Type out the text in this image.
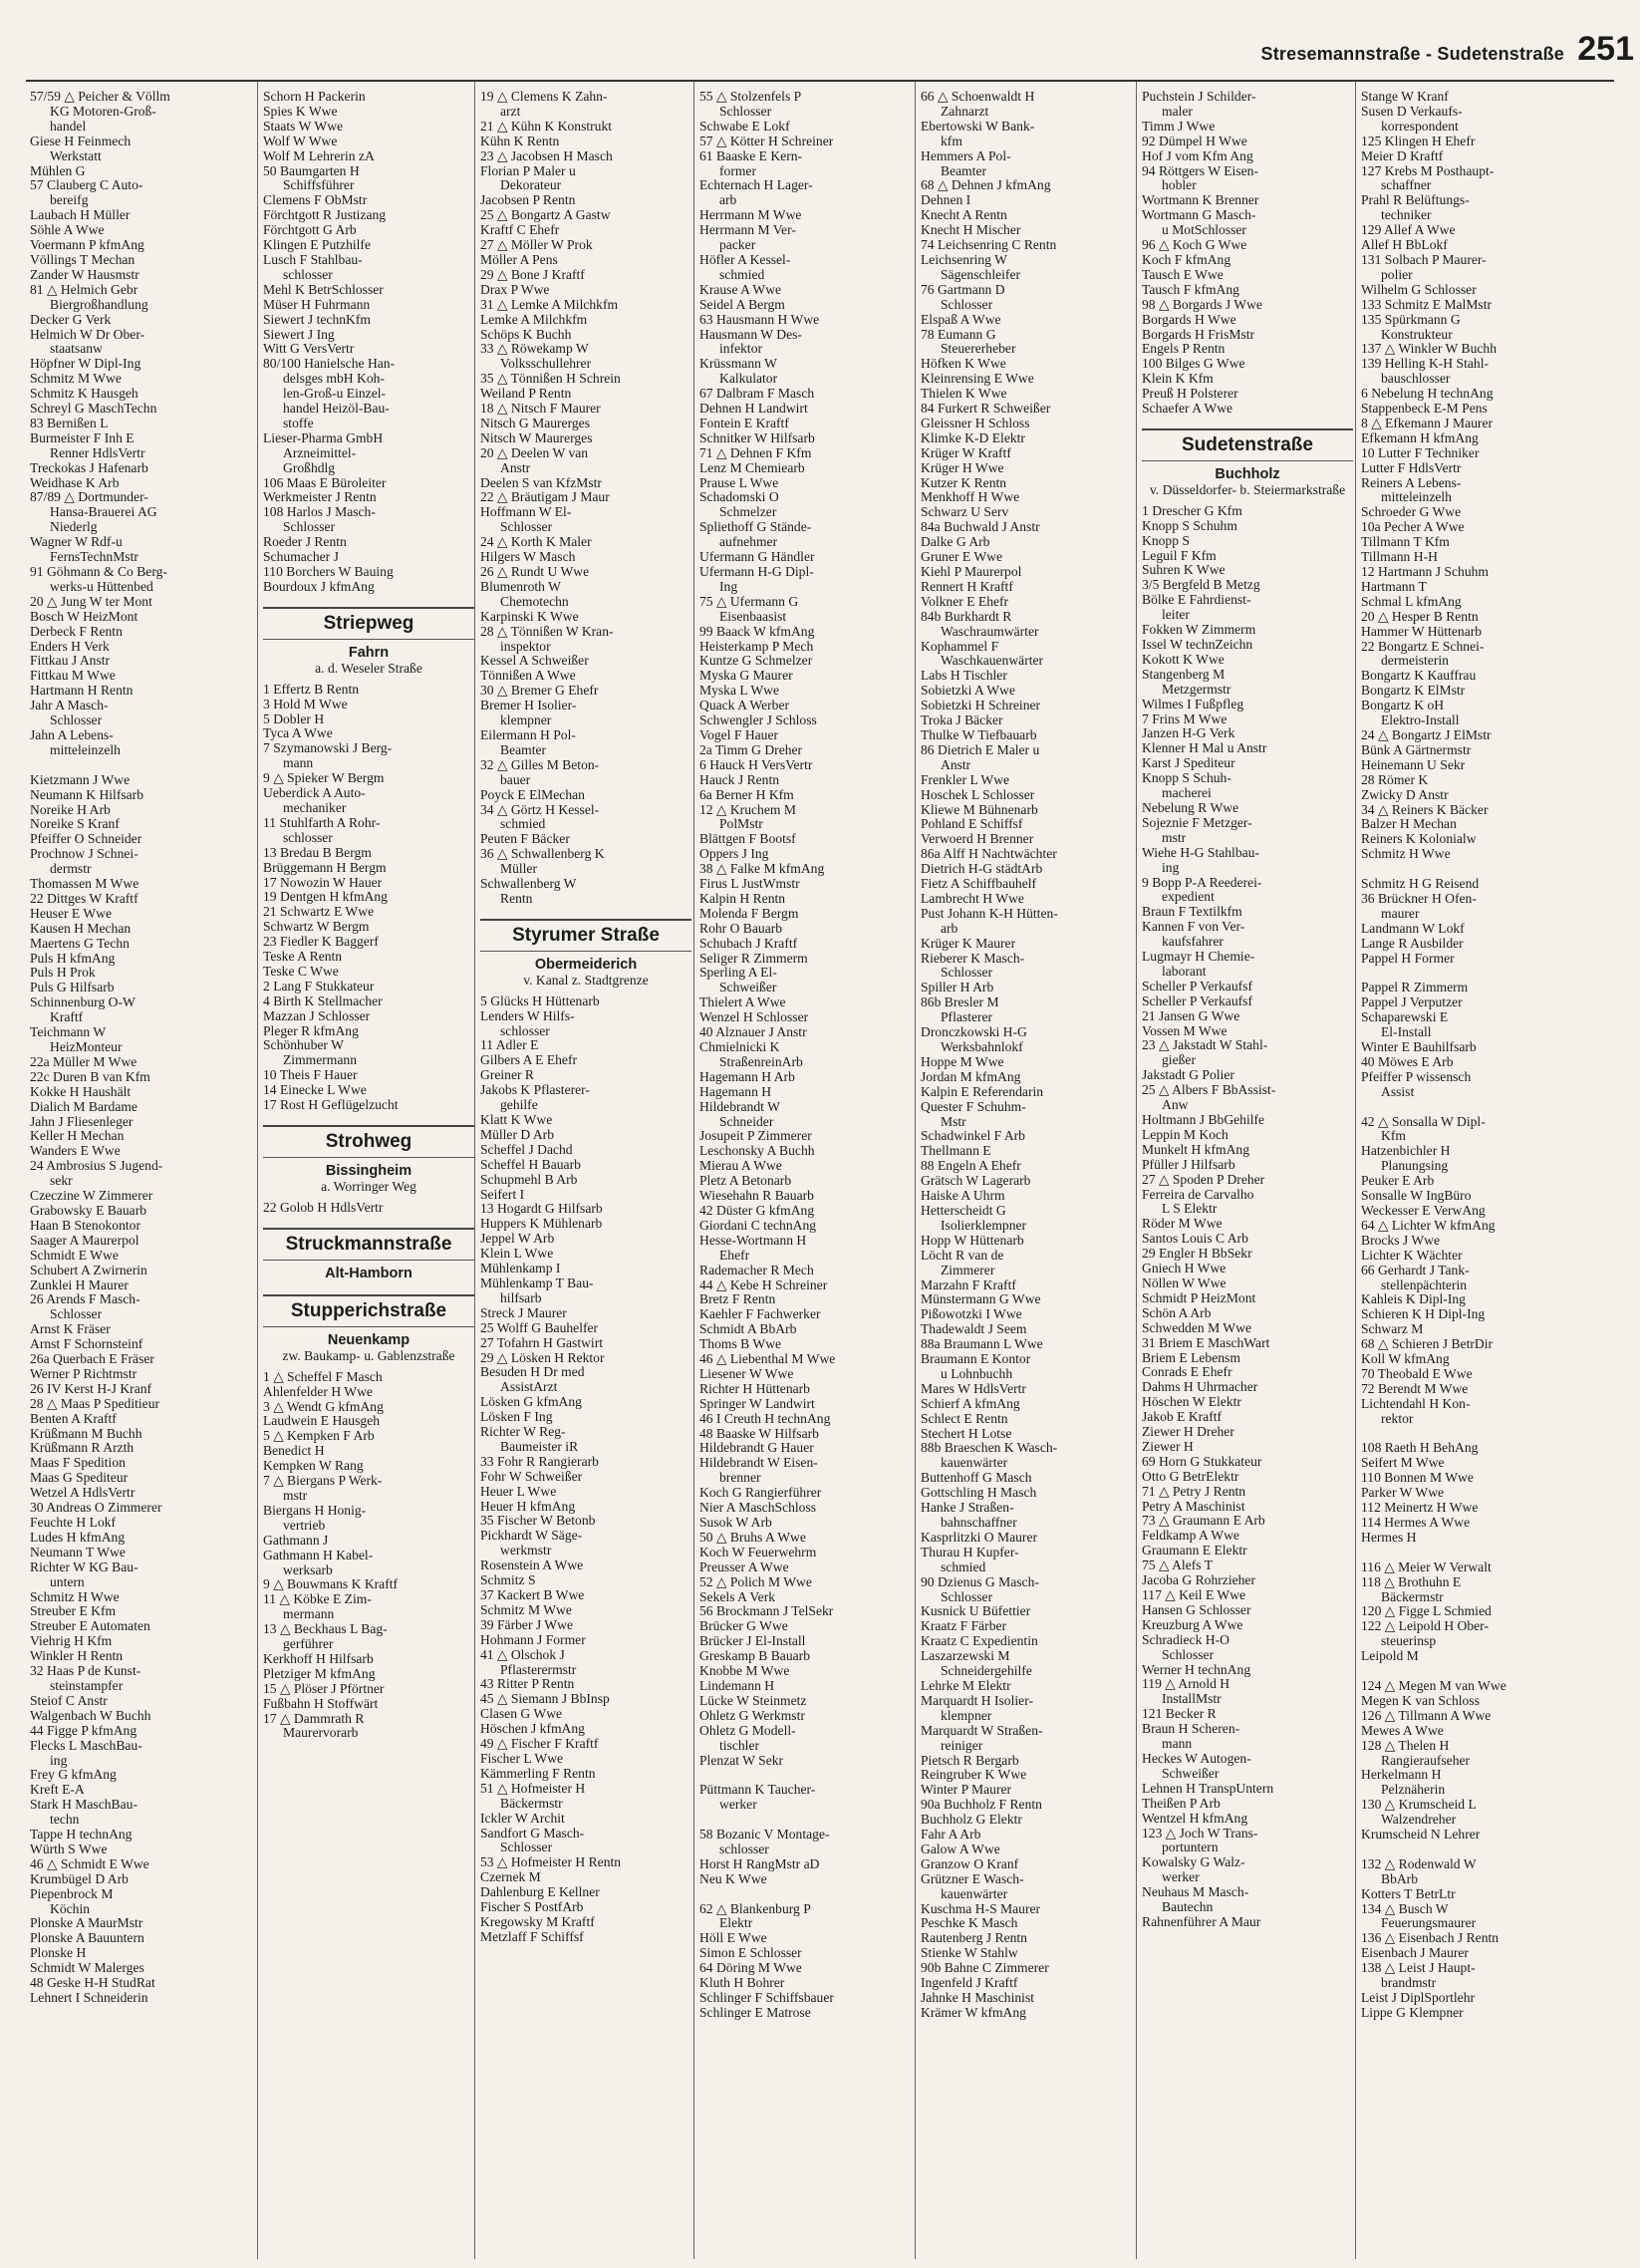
Stresemannstraße - Sudetenstraße 251
57/59 △ Peicher & Völlm
KG Motoren-Groß-
handel
Giese H Feinmech
Werkstatt
Mühlen G
57 Clauberg C Auto-
bereifg
Laubach H Müller
Söhle A Wwe
Voermann P kfmAng
Völlings T Mechan
Zander W Hausmstr
81 △ Helmich Gebr
Biergroßhandlung
Decker G Verk
Helmich W Dr Ober-
staatsanw
Höpfner W Dipl-Ing
Schmitz M Wwe
Schmitz K Hausgeh
Schreyl G MaschTechn
83 Bernißen L
Burmeister F Inh E
Renner HdlsVertr
Treckokas J Hafenarb
Weidhase K Arb
87/89 △ Dortmunder-
Hansa-Brauerei AG
Niederlg
Wagner W Rdf-u
FernsTechnMstr
91 Göhmann & Co Berg-
werks-u Hüttenbed
20 △ Jung W ter Mont
Bosch W HeizMont
Derbeck F Rentn
Enders H Verk
Fittkau J Anstr
Fittkau M Wwe
Hartmann H Rentn
Jahr A Masch-
Schlosser
Jahn A Lebens-
mitteleinzelh

Kietzmann J Wwe
Neumann K Hilfsarb
Noreike H Arb
Noreike S Kranf
Pfeiffer O Schneider
Prochnow J Schnei-
dermstr
Thomassen M Wwe
22 Dittges W Kraftf
Heuser E Wwe
Kausen H Mechan
Maertens G Techn
Puls H kfmAng
Puls H Prok
Puls G Hilfsarb
Schinnenburg O-W
Kraftf
Teichmann W
HeizMonteur
22a Müller M Wwe
22c Duren B van Kfm
Kokke H Haushält
Dialich M Bardame
Jahn J Fliesenleger
Keller H Mechan
Wanders E Wwe
24 Ambrosius S Jugend-
sekr
Czeczine W Zimmerer
Grabowsky E Bauarb
Haan B Stenokontor
Saager A Maurerpol
Schmidt E Wwe
Schubert A Zwirnerin
Zunklei H Maurer
26 Arends F Masch-
Schlosser
Arnst K Fräser
Arnst F Schornsteinf
26a Querbach E Fräser
Werner P Richtmstr
26 IV Kerst H-J Kranf
28 △ Maas P Speditieur
Benten A Kraftf
Krüßmann M Buchh
Krüßmann R Arzth
Maas F Spedition
Maas G Spediteur
Wetzel A HdlsVertr
30 Andreas O Zimmerer
Feuchte H Lokf
Ludes H kfmAng
Neumann T Wwe
Richter W KG Bau-
untern
Schmitz H Wwe
Streuber E Kfm
Streuber E Automaten
Viehrig H Kfm
Winkler H Rentn
32 Haas P de Kunst-
steinstampfer
Steiof C Anstr
Walgenbach W Buchh
44 Figge P kfmAng
Flecks L MaschBau-
ing
Frey G kfmAng
Kreft E-A
Stark H MaschBau-
techn
Tappe H technAng
Würth S Wwe
46 △ Schmidt E Wwe
Krumbügel D Arb
Piepenbrock M
Köchin
Plonske A MaurMstr
Plonske A Bauuntern
Plonske H
Schmidt W Malerges
48 Geske H-H StudRat
Lehnert I Schneiderin
Schorn H Packerin
Spies K Wwe
Staats W Wwe
Wolf W Wwe
Wolf M Lehrerin zA
50 Baumgarten H
Schiffsführer
Clemens F ObMstr
Förchtgott R Justizang
Förchtgott G Arb
Klingen E Putzhilfe
Lusch F Stahlbau-
schlosser
Mehl K BetrSchlosser
Müser H Fuhrmann
Siewert J technKfm
Siewert J Ing
Witt G VersVertr
80/100 Hanielsche Han-
delsges mbH Koh-
len-Groß-u Einzel-
handel Heizöl-Bau-
stoffe
Lieser-Pharma GmbH
Arzneimittel-
Großhdlg
106 Maas E Büroleiter
Werkmeister J Rentn
108 Harlos J Masch-
Schlosser
Roeder J Rentn
Schumacher J
110 Borchers W Bauing
Bourdoux J kfmAng
Striepweg
Fahrn
a. d. Weseler Straße
1 Effertz B Rentn
3 Hold M Wwe
5 Dobler H
Tyca A Wwe
7 Szymanowski J Berg-
mann
9 △ Spieker W Bergm
Ueberdick A Auto-
mechaniker
11 Stuhlfarth A Rohr-
schlosser
13 Bredau B Bergm
Brüggemann H Bergm
17 Nowozin W Hauer
19 Dentgen H kfmAng
21 Schwartz E Wwe
Schwartz W Bergm
23 Fiedler K Baggerf
Teske A Rentn
Teske C Wwe
2 Lang F Stukkateur
4 Birth K Stellmacher
Mazzan J Schlosser
Pleger R kfmAng
Schönhuber W
Zimmermann
10 Theis F Hauer
14 Einecke L Wwe
17 Rost H Geflügelzucht
Strohweg
Bissingheim
a. Worringer Weg
22 Golob H HdlsVertr
Struckmannstraße
Alt-Hamborn
Stupperichstraße
Neuenkamp
zw. Baukamp- u. Gablenzstraße
1 △ Scheffel F Masch
Ahlenfelder H Wwe
3 △ Wendt G kfmAng
Laudwein E Hausgeh
5 △ Kempken F Arb
Benedict H
Kempken W Rang
7 △ Biergans P Werk-
mstr
Biergans H Honig-
vertrieb
Gathmann J
Gathmann H Kabel-
werksarb
9 △ Bouwmans K Kraftf
11 △ Köbke E Zim-
mermann
13 △ Beckhaus L Bag-
gerführer
Kerkhoff H Hilfsarb
Pletziger M kfmAng
15 △ Plöser J Pförtner
Fußbahn H Stoffwärt
17 △ Dammrath R
Maurervorarb
19 △ Clemens K Zahn-
arzt
21 △ Kühn K Konstrukt
Kühn K Rentn
23 △ Jacobsen H Masch
Florian P Maler u
Dekorateur
Jacobsen P Rentn
25 △ Bongartz A Gastw
Kraftf C Ehefr
27 △ Möller W Prok
Möller A Pens
29 △ Bone J Kraftf
Drax P Wwe
31 △ Lemke A Milchkfm
Lemke A Milchkfm
Schöps K Buchh
33 △ Röwekamp W
Volksschullehrer
35 △ Tönnißen H Schrein
Weiland P Rentn
18 △ Nitsch F Maurer
Nitsch G Maurerges
Nitsch W Maurerges
20 △ Deelen W van
Anstr
Deelen S van KfzMstr
22 △ Bräutigam J Maur
Hoffmann W El-
Schlosser
24 △ Korth K Maler
Hilgers W Masch
26 △ Rundt U Wwe
Blumenroth W
Chemotechn
Karpinski K Wwe
28 △ Tönnißen W Kran-
inspektor
Kessel A Schweißer
Tönnißen A Wwe
30 △ Bremer G Ehefr
Bremer H Isolier-
klempner
Eilermann H Pol-
Beamter
32 △ Gilles M Beton-
bauer
Poyck E ElMechan
34 △ Görtz H Kessel-
schmied
Peuten F Bäcker
36 △ Schwallenberg K
Müller
Schwallenberg W
Rentn
Styrumer Straße
Obermeiderich
v. Kanal z. Stadtgrenze
5 Glücks H Hüttenarb
Lenders W Hilfs-
schlosser
11 Adler E
Gilbers A E Ehefr
Greiner R
Jakobs K Pflasterer-
gehilfe
Klatt K Wwe
Müller D Arb
Scheffel J Dachd
Scheffel H Bauarb
Schupmehl B Arb
Seifert I
13 Hogardt G Hilfsarb
Huppers K Mühlenarb
Jeppel W Arb
Klein L Wwe
Mühlenkamp I
Mühlenkamp T Bau-
hilfsarb
Streck J Maurer
25 Wolff G Bauhelfer
27 Tofahrn H Gastwirt
29 △ Lösken H Rektor
Besuden H Dr med
AssistArzt
Lösken G kfmAng
Lösken F Ing
Richter W Reg-
Baumeister iR
33 Fohr R Rangierarb
Fohr W Schweißer
Heuer L Wwe
Heuer H kfmAng
35 Fischer W Betonb
Pickhardt W Säge-
werkmstr
Rosenstein A Wwe
Schmitz S
37 Kackert B Wwe
Schmitz M Wwe
39 Färber J Wwe
Hohmann J Former
41 △ Olschok J
Pflasterermstr
43 Ritter P Rentn
45 △ Siemann J BbInsp
Clasen G Wwe
Höschen J kfmAng
49 △ Fischer F Kraftf
Fischer L Wwe
Kämmerling F Rentn
51 △ Hofmeister H
Bäckermstr
Ickler W Archit
Sandfort G Masch-
Schlosser
53 △ Hofmeister H Rentn
Czernek M
Dahlenburg E Kellner
Fischer S PostfArb
Kregowsky M Kraftf
Metzlaff F Schiffsf
55 △ Stolzenfels P
Schlosser
Schwabe E Lokf
57 △ Kötter H Schreiner
61 Baaske E Kern-
former
Echternach H Lager-
arb
Herrmann M Wwe
Herrmann M Ver-
packer
Höfler A Kessel-
schmied
Krause A Wwe
Seidel A Bergm
63 Hausmann H Wwe
Hausmann W Des-
infektor
Krüssmann W
Kalkulator
67 Dalbram F Masch
Dehnen H Landwirt
Fontein E Kraftf
Schnitker W Hilfsarb
71 △ Dehnen F Kfm
Lenz M Chemiearb
Prause L Wwe
Schadomski O
Schmelzer
Spliethoff G Stände-
aufnehmer
Ufermann G Händler
Ufermann H-G Dipl-
Ing
75 △ Ufermann G
Eisenbaasist
99 Baack W kfmAng
Heisterkamp P Mech
Kuntze G Schmelzer
Myska G Maurer
Myska L Wwe
Quack A Werber
Schwengler J Schloss
Vogel F Hauer
2a Timm G Dreher
6 Hauck H VersVertr
Hauck J Rentn
6a Berner H Kfm
12 △ Kruchem M
PolMstr
Blättgen F Bootsf
Oppers J Ing
38 △ Falke M kfmAng
Firus L JustWmstr
Kalpin H Rentn
Molenda F Bergm
Rohr O Bauarb
Schubach J Kraftf
Seliger R Zimmerm
Sperling A El-
Schweißer
Thielert A Wwe
Wenzel H Schlosser
40 Alznauer J Anstr
Chmielnicki K
StraßenreinArb
Hagemann H Arb
Hagemann H
Hildebrandt W
Schneider
Josupeit P Zimmerer
Leschonsky A Buchh
Mierau A Wwe
Pletz A Betonarb
Wiesehahn R Bauarb
42 Düster G kfmAng
Giordani C technAng
Hesse-Wortmann H
Ehefr
Rademacher R Mech
44 △ Kebe H Schreiner
Bretz F Rentn
Kaehler F Fachwerker
Schmidt A BbArb
Thoms B Wwe
46 △ Liebenthal M Wwe
Liesener W Wwe
Richter H Hüttenarb
Springer W Landwirt
46 I Creuth H technAng
48 Baaske W Hilfsarb
Hildebrandt G Hauer
Hildebrandt W Eisen-
brenner
Koch G Rangierführer
Nier A MaschSchloss
Susok W Arb
50 △ Bruhs A Wwe
Koch W Feuerwehrm
Preusser A Wwe
52 △ Polich M Wwe
Sekels A Verk
56 Brockmann J TelSekr
Brücker G Wwe
Brücker J El-Install
Greskamp B Bauarb
Knobbe M Wwe
Lindemann H
Lücke W Steinmetz
Ohletz G Werkmstr
Ohletz G Modell-
tischler
Plenzat W Sekr

Püttmann K Taucher-
werker

58 Bozanic V Montage-
schlosser
Horst H RangMstr aD
Neu K Wwe

62 △ Blankenburg P
Elektr
Höll E Wwe
Simon E Schlosser
64 Döring M Wwe
Kluth H Bohrer
Schlinger F Schiffsbauer
Schlinger E Matrose
66 △ Schoenwaldt H
Zahnarzt
Ebertowski W Bank-
kfm
Hemmers A Pol-
Beamter
68 △ Dehnen J kfmAng
Dehnen I
Knecht A Rentn
Knecht H Mischer
74 Leichsenring C Rentn
Leichsenring W
Sägenschleifer
76 Gartmann D
Schlosser
Elspaß A Wwe
78 Eumann G
Steuererheber
Höfken K Wwe
Kleinrensing E Wwe
Thielen K Wwe
84 Furkert R Schweißer
Gleissner H Schloss
Klimke K-D Elektr
Krüger W Kraftf
Krüger H Wwe
Kutzer K Rentn
Menkhoff H Wwe
Schwarz U Serv
84a Buchwald J Anstr
Dalke G Arb
Gruner E Wwe
Kiehl P Maurerpol
Rennert H Kraftf
Volkner E Ehefr
84b Burkhardt R
Waschraumwärter
Kophammel F
Waschkauenwärter
Labs H Tischler
Sobietzki A Wwe
Sobietzki H Schreiner
Troka J Bäcker
Thulke W Tiefbauarb
86 Dietrich E Maler u
Anstr
Frenkler L Wwe
Hoschek L Schlosser
Kliewe M Bühnenarb
Pohland E Schiffsf
Verwoerd H Brenner
86a Alff H Nachtwächter
Dietrich H-G städtArb
Fietz A Schiffbauhelf
Lambrecht H Wwe
Pust Johann K-H Hütten-
arb
Krüger K Maurer
Rieberer K Masch-
Schlosser
Spiller H Arb
86b Bresler M
Pflasterer
Dronczkowski H-G
Werksbahnlokf
Hoppe M Wwe
Jordan M kfmAng
Kalpin E Referendarin
Quester F Schuhm-
Mstr
Schadwinkel F Arb
Thellmann E
88 Engeln A Ehefr
Grätsch W Lagerarb
Haiske A Uhrm
Hetterscheidt G
Isolierklempner
Hopp W Hüttenarb
Löcht R van de
Zimmerer
Marzahn F Kraftf
Münstermann G Wwe
Pißowotzki I Wwe
Thadewaldt J Seem
88a Braumann L Wwe
Braumann E Kontor
u Lohnbuchh
Mares W HdlsVertr
Schierf A kfmAng
Schlect E Rentn
Stechert H Lotse
88b Braeschen K Wasch-
kauenwärter
Buttenhoff G Masch
Gottschling H Masch
Hanke J Straßen-
bahnschaffner
Kasprlitzki O Maurer
Thurau H Kupfer-
schmied
90 Dzienus G Masch-
Schlosser
Kusnick U Büfettier
Kraatz F Färber
Kraatz C Expedientin
Laszarzewski M
Schneidergehilfe
Lehrke M Elektr
Marquardt H Isolier-
klempner
Marquardt W Straßen-
reiniger
Pietsch R Bergarb
Reingruber K Wwe
Winter P Maurer
90a Buchholz F Rentn
Buchholz G Elektr
Fahr A Arb
Galow A Wwe
Granzow O Kranf
Grützner E Wasch-
kauenwärter
Kuschma H-S Maurer
Peschke K Masch
Rautenberg J Rentn
Stienke W Stahlw
90b Bahne C Zimmerer
Ingenfeld J Kraftf
Jahnke H Maschinist
Krämer W kfmAng
Puchstein J Schilder-
maler
Timm J Wwe
92 Dümpel H Wwe
Hof J vom Kfm Ang
94 Röttgers W Eisen-
hobler
Wortmann K Brenner
Wortmann G Masch-
u MotSchlosser
96 △ Koch G Wwe
Koch F kfmAng
Tausch E Wwe
Tausch F kfmAng
98 △ Borgards J Wwe
Borgards H Wwe
Borgards H FrisMstr
Engels P Rentn
100 Bilges G Wwe
Klein K Kfm
Preuß H Polsterer
Schaefer A Wwe
Sudetenstraße
Buchholz
v. Düsseldorfer- b. Steiermarkstraße
1 Drescher G Kfm
Knopp S Schuhm
Knopp S
Leguil F Kfm
Suhren K Wwe
3/5 Bergfeld B Metzg
Bölke E Fahrdienst-
leiter
Fokken W Zimmerm
Issel W technZeichn
Kokott K Wwe
Stangenberg M
Metzgermstr
Wilmes I Fußpfleg
7 Frins M Wwe
Janzen H-G Verk
Klenner H Mal u Anstr
Karst J Spediteur
Knopp S Schuh-
macherei
Nebelung R Wwe
Sojeznie F Metzger-
mstr
Wiehe H-G Stahlbau-
ing
9 Bopp P-A Reederei-
expedient
Braun F Textilkfm
Kannen F von Ver-
kaufsfahrer
Lugmayr H Chemie-
laborant
Scheller P Verkaufsf
Scheller P Verkaufsf
21 Jansen G Wwe
Vossen M Wwe
23 △ Jakstadt W Stahl-
gießer
Jakstadt G Polier
25 △ Albers F BbAssist-
Anw
Holtmann J BbGehilfe
Leppin M Koch
Munkelt H kfmAng
Pfüller J Hilfsarb
27 △ Spoden P Dreher
Ferreira de Carvalho
L S Elektr
Röder M Wwe
Santos Louis C Arb
29 Engler H BbSekr
Gniech H Wwe
Nöllen W Wwe
Schmidt P HeizMont
Schön A Arb
Schwedden M Wwe
31 Briem E MaschWart
Briem E Lebensm
Conrads E Ehefr
Dahms H Uhrmacher
Höschen W Elektr
Jakob E Kraftf
Ziewer H Dreher
Ziewer H
69 Horn G Stukkateur
Otto G BetrElektr
71 △ Petry J Rentn
Petry A Maschinist
73 △ Graumann E Arb
Feldkamp A Wwe
Graumann E Elektr
75 △ Alefs T
Jacoba G Rohrzieher
117 △ Keil E Wwe
Hansen G Schlosser
Kreuzburg A Wwe
Schradieck H-O
Schlosser
Werner H technAng
119 △ Arnold H
InstallMstr
121 Becker R
Braun H Scheren-
mann
Heckes W Autogen-
Schweißer
Lehnen H TranspUntern
Theißen P Arb
Wentzel H kfmAng
123 △ Joch W Trans-
portuntern
Kowalsky G Walz-
werker
Neuhaus M Masch-
Bautechn
Rahnenführer A Maur
Stange W Kranf
Susen D Verkaufs-
korrespondent
125 Klingen H Ehefr
Meier D Kraftf
127 Krebs M Posthaupt-
schaffner
Prahl R Belüftungs-
techniker
129 Allef A Wwe
Allef H BbLokf
131 Solbach P Maurer-
polier
Wilhelm G Schlosser
133 Schmitz E MalMstr
135 Spürkmann G
Konstrukteur
137 △ Winkler W Buchh
139 Helling K-H Stahl-
bauschlosser
6 Nebelung H technAng
Stappenbeck E-M Pens
8 △ Efkemann J Maurer
Efkemann H kfmAng
10 Lutter F Techniker
Lutter F HdlsVertr
Reiners A Lebens-
mitteleinzelh
Schroeder G Wwe
10a Pecher A Wwe
Tillmann T Kfm
Tillmann H-H
12 Hartmann J Schuhm
Hartmann T
Schmal L kfmAng
20 △ Hesper B Rentn
Hammer W Hüttenarb
22 Bongartz E Schnei-
dermeisterin
Bongartz K Kauffrau
Bongartz K ElMstr
Bongartz K oH
Elektro-Install
24 △ Bongartz J ElMstr
Bünk A Gärtnermstr
Heinemann U Sekr
28 Römer K
Zwicky D Anstr
34 △ Reiners K Bäcker
Balzer H Mechan
Reiners K Kolonialw
Schmitz H Wwe

Schmitz H G Reisend
36 Brückner H Ofen-
maurer
Landmann W Lokf
Lange R Ausbilder
Pappel H Former

Pappel R Zimmerm
Pappel J Verputzer
Schaparewski E
El-Install
Winter E Bauhilfsarb
40 Möwes E Arb
Pfeiffer P wissensch
Assist

42 △ Sonsalla W Dipl-
Kfm
Hatzenbichler H
Planungsing
Peuker E Arb
Sonsalle W IngBüro
Weckesser E VerwAng
64 △ Lichter W kfmAng
Brocks J Wwe
Lichter K Wächter
66 Gerhardt J Tank-
stellenpächterin
Kahleis K Dipl-Ing
Schieren K H Dipl-Ing
Schwarz M
68 △ Schieren J BetrDir
Koll W kfmAng
70 Theobald E Wwe
72 Berendt M Wwe
Lichtendahl H Kon-
rektor

108 Raeth H BehAng
Seifert M Wwe
110 Bonnen M Wwe
Parker W Wwe
112 Meinertz H Wwe
114 Hermes A Wwe
Hermes H

116 △ Meier W Verwalt
118 △ Brothuhn E
Bäckermstr
120 △ Figge L Schmied
122 △ Leipold H Ober-
steuerinsp
Leipold M

124 △ Megen M van Wwe
Megen K van Schloss
126 △ Tillmann A Wwe
Mewes A Wwe
128 △ Thelen H
Rangieraufseher
Herkelmann H
Pelznäherin
130 △ Krumscheid L
Walzendreher
Krumscheid N Lehrer

132 △ Rodenwald W
BbArb
Kotters T BetrLtr
134 △ Busch W
Feuerungsmaurer
136 △ Eisenbach J Rentn
Eisenbach J Maurer
138 △ Leist J Haupt-
brandmstr
Leist J DiplSportlehr
Lippe G Klempner
